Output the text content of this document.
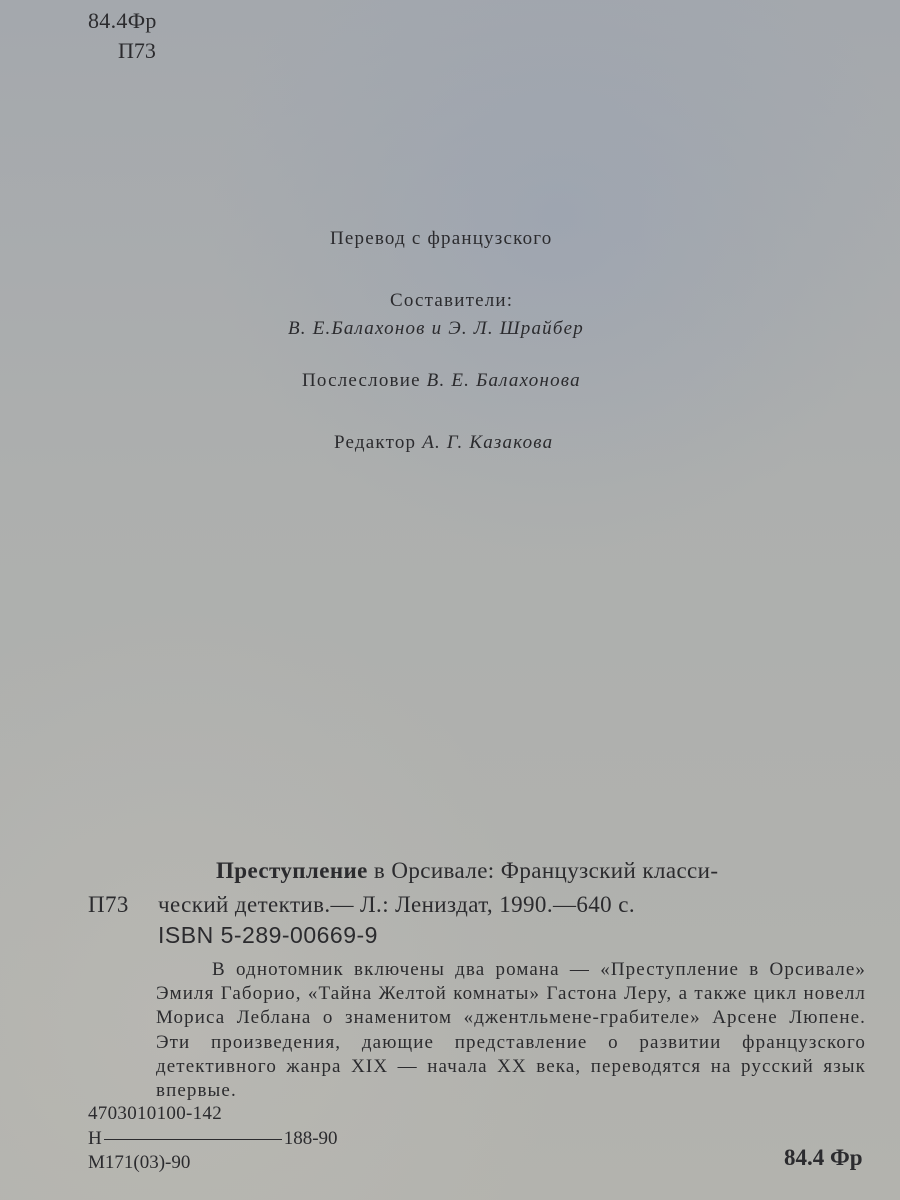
84.4Фр
П73
Перевод с французского
Составители:
В. Е.Балахонов и Э. Л. Шрайбер
Послесловие В. Е. Балахонова
Редактор А. Г. Казакова
Преступление в Орсивале: Французский класси-
П73 ческий детектив.— Л.: Лениздат, 1990.—640 с.
ISBN 5-289-00669-9
В однотомник включены два романа — «Преступление в Орсивале» Эмиля Габорио, «Тайна Желтой комнаты» Гастона Леру, а также цикл новелл Мориса Леблана о знаменитом «джентльмене-грабителе» Арсене Люпене. Эти произведения, дающие представление о развитии французского детективного жанра XIX — начала XX века, переводятся на русский язык впервые.
4703010100-142
Н	188-90
М171(03)-90	84.4 Фр
